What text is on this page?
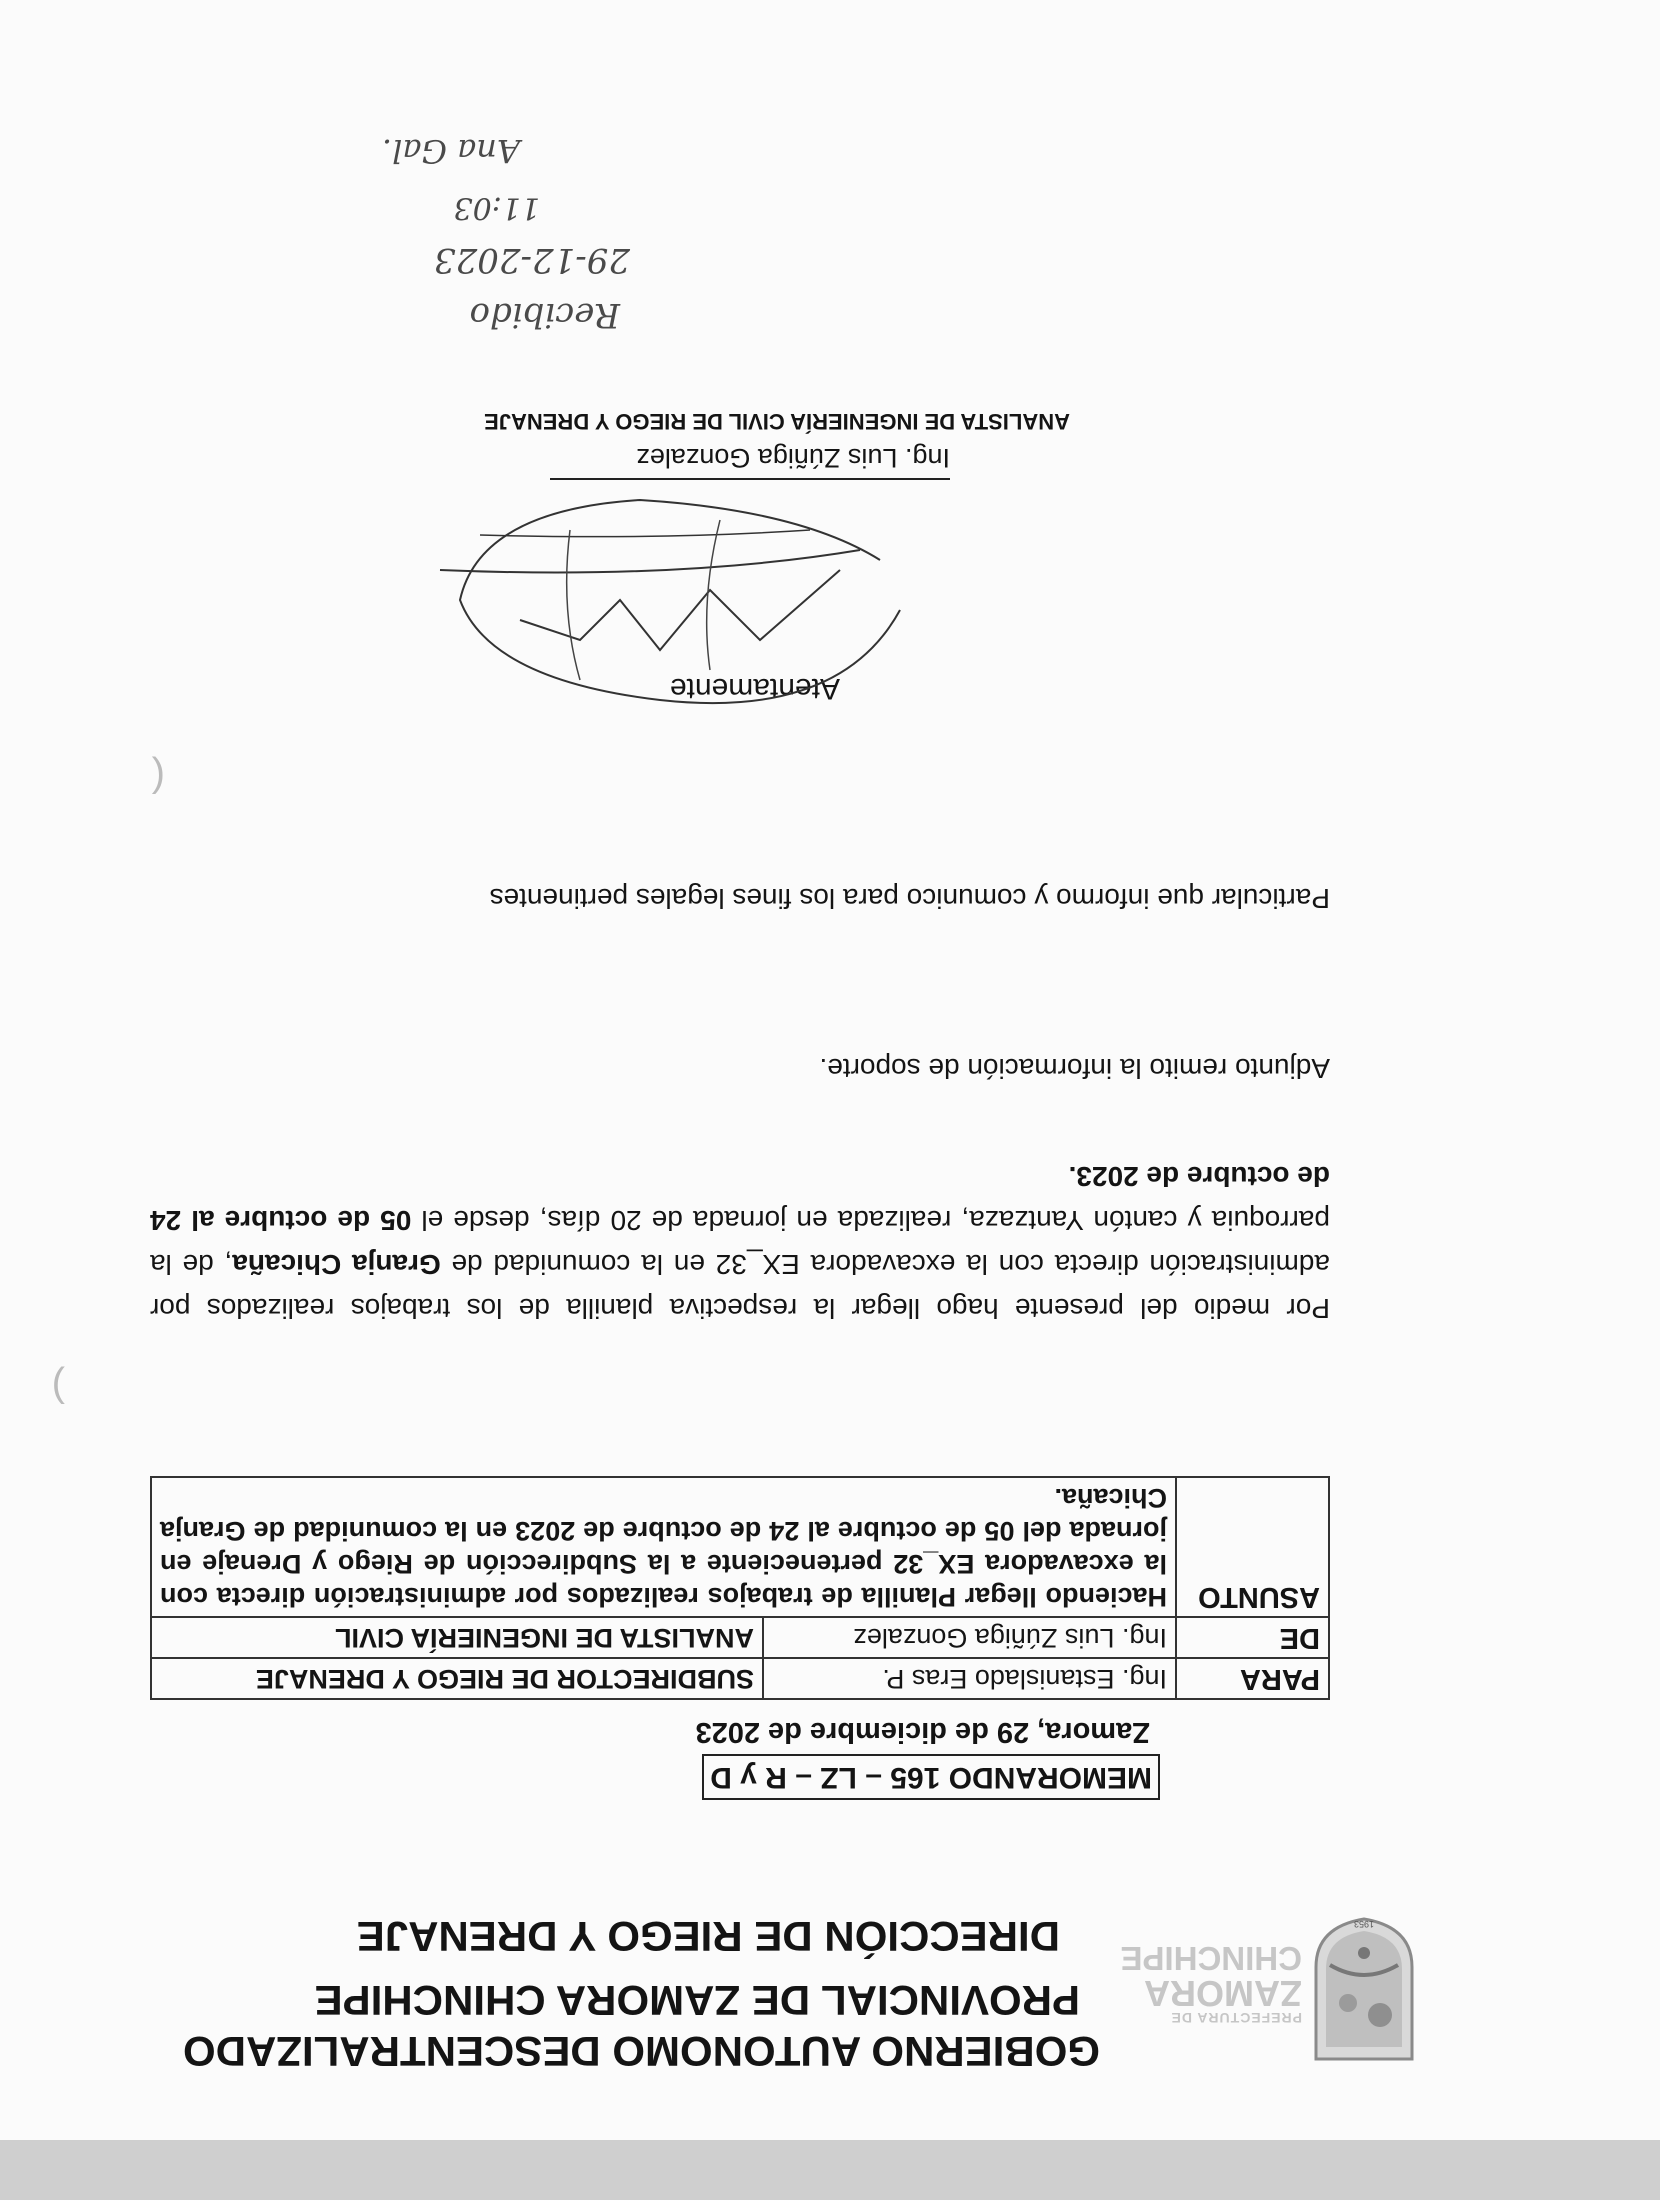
1953
PREFECTURA DE
ZAMORA
CHINCHIPE
GOBIERNO AUTONOMO DESCENTRALIZADO
PROVINCIAL DE ZAMORA CHINCHIPE
DIRECCIÓN DE RIEGO Y DRENAJE
MEMORANDO 165 – LZ – R y D
Zamora, 29 de diciembre de 2023
PARA	Ing. Estanislado Eras P.	SUBDIRECTOR DE RIEGO Y DRENAJE
DE	Ing. Luis Zúñiga Gonzalez	ANALISTA DE INGENIERÍA CIVIL
ASUNTO	Haciendo llegar Planilla de trabajos realizados por administración directa con la excavadora EX_32 perteneciente a la Subdirección de Riego y Drenaje en jornada del 05 de octubre al 24 de octubre de 2023 en la comunidad de Granja Chicaña.	
Por medio del presente hago llegar la respectiva planilla de los trabajos realizados por administración directa con la excavadora EX_32 en la comunidad de Granja Chicaña, de la parroquia y cantón Yantzaza, realizada en jornada de 20 días, desde el 05 de octubre al 24 de octubre de 2023.
Adjunto remito la información de soporte.
Particular que informo y comunico para los fines legales pertinentes
(
)
Atentamente
Ing. Luis Zúñiga Gonzalez
ANALISTA DE INGENIERÍA CIVIL DE RIEGO Y DRENAJE
Recibido
29-12-2023
11:03
Ana Gal.
